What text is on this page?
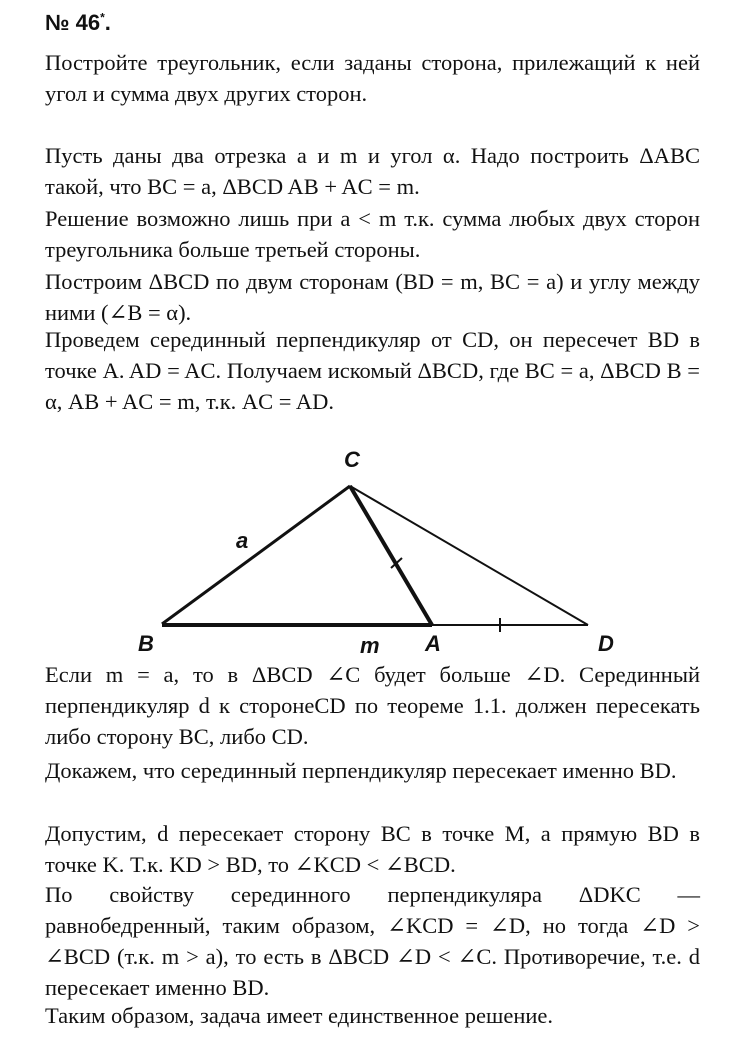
№ 46*.
Постройте треугольник, если заданы сторона, прилежащий к ней угол и сумма двух других сторон.
Пусть даны два отрезка a и m и угол α. Надо построить ΔABC такой, что BC = a, ΔBCD AB + AC = m.
Решение возможно лишь при a < m т.к. сумма любых двух сторон треугольника больше третьей стороны.
Построим ΔBCD по двум сторонам (BD = m, BC = a) и углу между ними (∠B = α).
Проведем серединный перпендикуляр от CD, он пересечет BD в точке A. AD = AC. Получаем искомый ΔBCD, где BC = a, ΔBCD B = α, AB + AC = m, т.к. AC = AD.
C
B	A	D
a
m
Если m = a, то в ΔBCD ∠C будет больше ∠D. Серединный перпендикуляр d к сторонеCD по теореме 1.1. должен пересекать либо сторону BC, либо CD.
Докажем, что серединный перпендикуляр пересекает именно BD.
Допустим, d пересекает сторону BC в точке M, а прямую BD в точке K. Т.к. KD > BD, то ∠KCD < ∠BCD.
По свойству серединного перпендикуляра ΔDKC — равнобедренный, таким образом, ∠KCD = ∠D, но тогда ∠D > ∠BCD (т.к. m > a), то есть в ΔBCD ∠D < ∠C. Противоречие, т.е. d пересекает именно BD.
Таким образом, задача имеет единственное решение.
